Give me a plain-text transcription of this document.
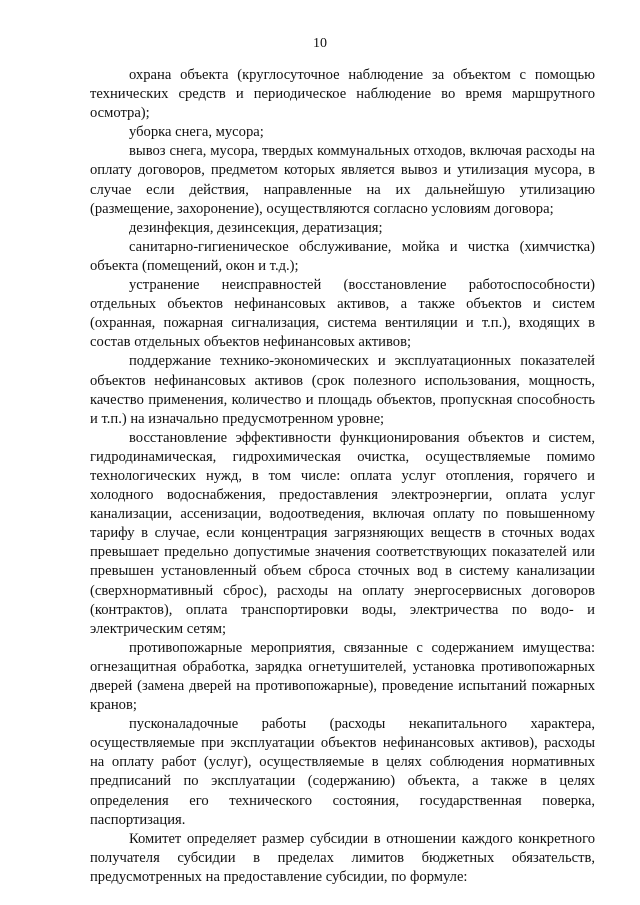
10

охрана объекта (круглосуточное наблюдение за объектом с помощью технических средств и периодическое наблюдение во время маршрутного осмотра);

уборка снега, мусора;

вывоз снега, мусора, твердых коммунальных отходов, включая расходы на оплату договоров, предметом которых является вывоз и утилизация мусора, в случае если действия, направленные на их дальнейшую утилизацию (размещение, захоронение), осуществляются согласно условиям договора;

дезинфекция, дезинсекция, дератизация;

санитарно-гигиеническое обслуживание, мойка и чистка (химчистка) объекта (помещений, окон и т.д.);

устранение неисправностей (восстановление работоспособности) отдельных объектов нефинансовых активов, а также объектов и систем (охранная, пожарная сигнализация, система вентиляции и т.п.), входящих в состав отдельных объектов нефинансовых активов;

поддержание технико-экономических и эксплуатационных показателей объектов нефинансовых активов (срок полезного использования, мощность, качество применения, количество и площадь объектов, пропускная способность и т.п.) на изначально предусмотренном уровне;

восстановление эффективности функционирования объектов и систем, гидродинамическая, гидрохимическая очистка, осуществляемые помимо технологических нужд, в том числе: оплата услуг отопления, горячего и холодного водоснабжения, предоставления электроэнергии, оплата услуг канализации, ассенизации, водоотведения, включая оплату по повышенному тарифу в случае, если концентрация загрязняющих веществ в сточных водах превышает предельно допустимые значения соответствующих показателей или превышен установленный объем сброса сточных вод в систему канализации (сверхнормативный сброс), расходы на оплату энергосервисных договоров (контрактов), оплата транспортировки воды, электричества по водо- и электрическим сетям;

противопожарные мероприятия, связанные с содержанием имущества: огнезащитная обработка, зарядка огнетушителей, установка противопожарных дверей (замена дверей на противопожарные), проведение испытаний пожарных кранов;

пусконаладочные работы (расходы некапитального характера, осуществляемые при эксплуатации объектов нефинансовых активов), расходы на оплату работ (услуг), осуществляемые в целях соблюдения нормативных предписаний по эксплуатации (содержанию) объекта, а также в целях определения его технического состояния, государственная поверка, паспортизация.

Комитет определяет размер субсидии в отношении каждого конкретного получателя субсидии в пределах лимитов бюджетных обязательств, предусмотренных на предоставление субсидии, по формуле:
